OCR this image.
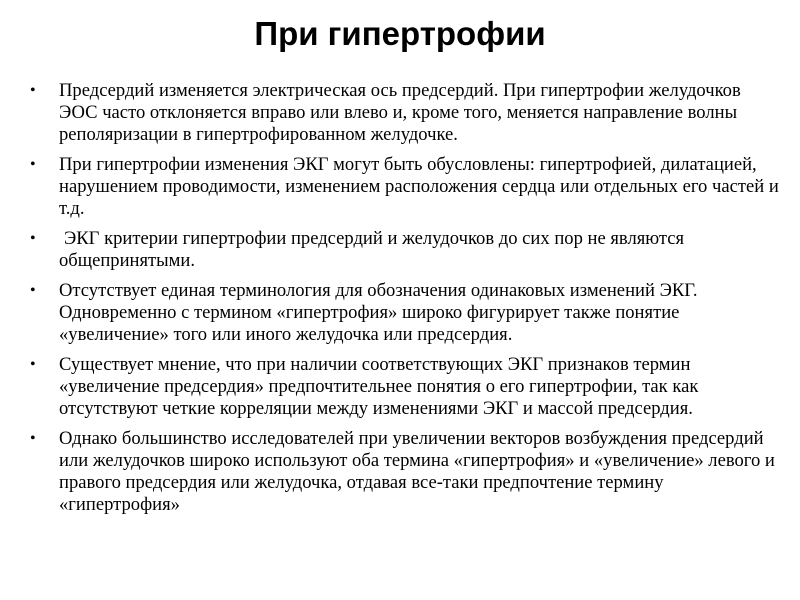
При гипертрофии
• Предсердий изменяется электрическая ось предсердий. При гипертрофии желудочков ЭОС часто отклоняется вправо или влево и, кроме того, меняется направление волны реполяризации в гипертрофированном желудочке.
• При гипертрофии изменения ЭКГ могут быть обусловлены: гипертрофией, дилатацией, нарушением проводимости, изменением расположения сердца или отдельных его частей и т.д.
• ЭКГ критерии гипертрофии предсердий и желудочков до сих пор не являются общепринятыми.
• Отсутствует единая терминология для обозначения одинаковых изменений ЭКГ. Одновременно с термином «гипертрофия» широко фигурирует также понятие «увеличение» того или иного желудочка или предсердия.
• Существует мнение, что при наличии соответствующих ЭКГ признаков термин «увеличение предсердия» предпочтительнее понятия о его гипертрофии, так как отсутствуют четкие корреляции между изменениями ЭКГ и массой предсердия.
• Однако большинство исследователей при увеличении векторов возбуждения предсердий или желудочков широко используют оба термина «гипертрофия» и «увеличение» левого и правого предсердия или желудочка, отдавая все-таки предпочтение термину «гипертрофия»
